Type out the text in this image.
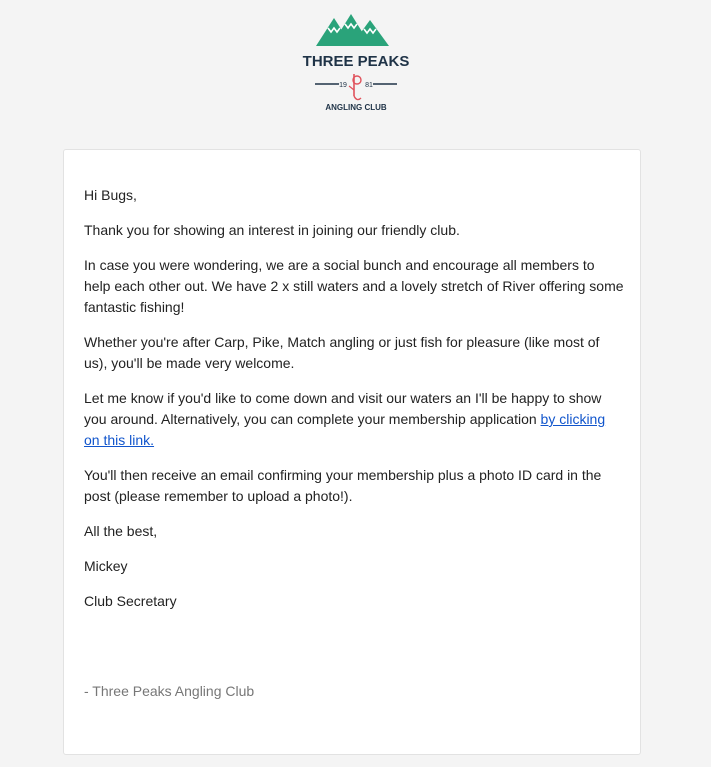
THREE PEAKS
19	81
ANGLING CLUB

Hi Bugs,

Thank you for showing an interest in joining our friendly club.

In case you were wondering, we are a social bunch and encourage all members to help each other out. We have 2 x still waters and a lovely stretch of River offering some fantastic fishing!

Whether you're after Carp, Pike, Match angling or just fish for pleasure (like most of us), you'll be made very welcome.

Let me know if you'd like to come down and visit our waters an I'll be happy to show you around. Alternatively, you can complete your membership application by clicking on this link.

You'll then receive an email confirming your membership plus a photo ID card in the post (please remember to upload a photo!).

All the best,

Mickey

Club Secretary

- Three Peaks Angling Club
